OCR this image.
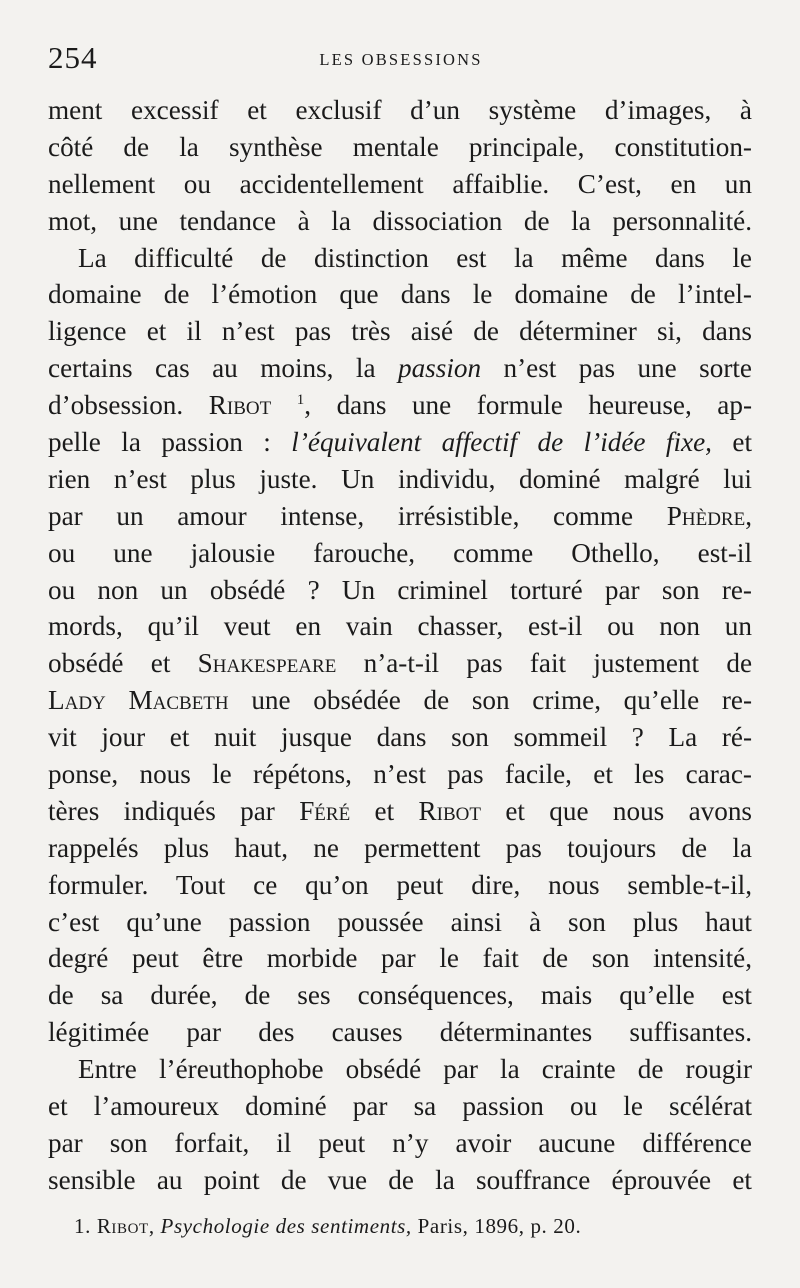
254	LES OBSESSIONS
ment excessif et exclusif d’un système d’images, à
côté de la synthèse mentale principale, constitution-
nellement ou accidentellement affaiblie. C’est, en un
mot, une tendance à la dissociation de la personnalité.
La difficulté de distinction est la même dans le
domaine de l’émotion que dans le domaine de l’intel-
ligence et il n’est pas très aisé de déterminer si, dans
certains cas au moins, la passion n’est pas une sorte
d’obsession. Ribot $^1$, dans une formule heureuse, ap-
pelle la passion : l’équivalent affectif de l’idée fixe, et
rien n’est plus juste. Un individu, dominé malgré lui
par un amour intense, irrésistible, comme Phèdre,
ou une jalousie farouche, comme Othello, est-il
ou non un obsédé ? Un criminel torturé par son re-
mords, qu’il veut en vain chasser, est-il ou non un
obsédé et Shakespeare n’a-t-il pas fait justement de
Lady Macbeth une obsédée de son crime, qu’elle re-
vit jour et nuit jusque dans son sommeil ? La ré-
ponse, nous le répétons, n’est pas facile, et les carac-
tères indiqués par Féré et Ribot et que nous avons
rappelés plus haut, ne permettent pas toujours de la
formuler. Tout ce qu’on peut dire, nous semble-t-il,
c’est qu’une passion poussée ainsi à son plus haut
degré peut être morbide par le fait de son intensité,
de sa durée, de ses conséquences, mais qu’elle est
légitimée par des causes déterminantes suffisantes.
Entre l’éreuthophobe obsédé par la crainte de rougir
et l’amoureux dominé par sa passion ou le scélérat
par son forfait, il peut n’y avoir aucune différence
sensible au point de vue de la souffrance éprouvée et
1. Ribot, Psychologie des sentiments, Paris, 1896, p. 20.
